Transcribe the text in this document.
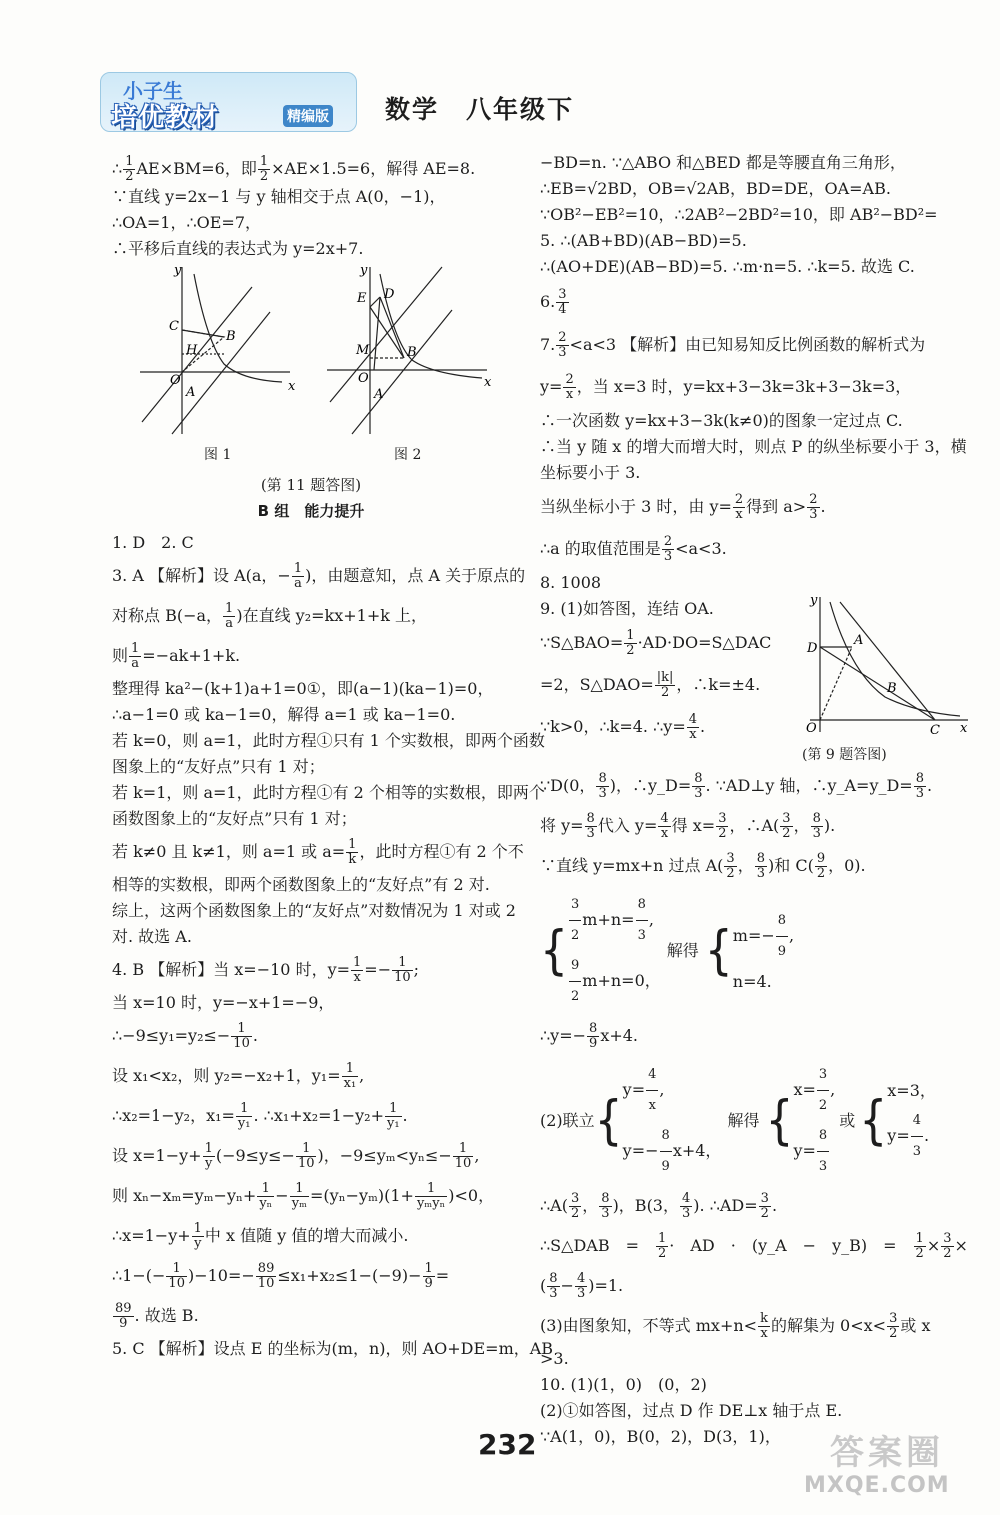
小子生
培优教材	精编版 数学　八年级下

∴ $\frac{1}{2} AE\times BM=6$，即 $\frac{1}{2} \times AE\times 1.5=6$，解得 AE=8.

∵直线 y=2x−1 与 y 轴相交于点 A(0，−1)，

∴OA=1，∴OE=7，

∴平移后直线的表达式为 y=2x+7.

y
x
O
A
B
C
H
y
x
O
A
B
D
E
M
图 1	图 2

(第 11 题答图)

B 组　能力提升

1. D　2. C

3. A 【解析】设 A(a，− $\frac{1}{a}$ )，由题意知，点 A 关于原点的

对称点 B(−a， $\frac{1}{a}$ )在直线 y₂=kx+1+k 上，

则 $\frac{1}{a} =-ak+1+k$.

整理得 ka²−(k+1)a+1=0①，即(a−1)(ka−1)=0，

∴a−1=0 或 ka−1=0，解得 a=1 或 ka−1=0.

若 k=0，则 a=1，此时方程①只有 1 个实数根，即两个函数

图象上的“友好点”只有 1 对；

若 k=1，则 a=1，此时方程①有 2 个相等的实数根，即两个

函数图象上的“友好点”只有 1 对；

若 k≠0 且 k≠1，则 a=1 或 $a= \frac{1}{k}$ ，此时方程①有 2 个不

相等的实数根，即两个函数图象上的“友好点”有 2 对.

综上，这两个函数图象上的“友好点”对数情况为 1 对或 2

对. 故选 A.

4. B 【解析】当 x=−10 时，$y= \frac{1}{x} =- \frac{1}{10}$ ;

当 x=10 时，y=−x+1=−9，

∴−9≤y₁=y₂≤− $\frac{1}{10}$ .

设 x₁<x₂，则 y₂=−x₂+1，$y_1= \frac{1}{\text{x₁}}$ ,

∴x₂=1−y₂，$x_1= \frac{1}{\text{y₁}}$ . ∴x₁+x₂=1−y₂+ $\frac{1}{\text{y₁}}$ .

设 $x=1-y+ \frac{1}{y} (-9\le y\le- \frac{1}{10}$ )，$-9\le y_m<y_n\le- \frac{1}{10}$ ,

则 $x_n-x_m=y_m-y_n+ \frac{1}{\text{yₙ}} - \frac{1}{\text{yₘ}} =(y_n-y_m)(1+ \frac{1}{\text{yₘyₙ}} )<0$，

∴x=1−y+ $\frac{1}{y}$ 中 x 值随 y 值的增大而减小.

∴1−(− $\frac{1}{10} )-10=- \frac{89}{10} \le x_1+x_2\le 1-(-9)- \frac{1}{9}$ =

$\frac{89}{9}$ . 故选 B.

5. C 【解析】设点 E 的坐标为(m，n)，则 AO+DE=m，AB

−BD=n. ∵△ABO 和△BED 都是等腰直角三角形，

∴EB=√2BD，OB=√2AB，BD=DE，OA=AB.

∵OB²−EB²=10，∴2AB²−2BD²=10，即 AB²−BD²=

5. ∴(AB+BD)(AB−BD)=5.

∴(AO+DE)(AB−BD)=5. ∴m·n=5. ∴k=5. 故选 C.

6. $\frac{3}{4}$

7. $\frac{2}{3} <a<3$ 【解析】由已知易知反比例函数的解析式为

$y= \frac{2}{x}$ ，当 x=3 时，y=kx+3−3k=3k+3−3k=3，

∴一次函数 y=kx+3−3k(k≠0)的图象一定过点 C.

∴当 y 随 x 的增大而增大时，则点 P 的纵坐标要小于 3，横

坐标要小于 3.

当纵坐标小于 3 时，由 $y= \frac{2}{x}$ 得到 $a> \frac{2}{3}$ .

∴a 的取值范围是 $\frac{2}{3} <a<3$.

8. 1008

9. (1)如答图，连结 OA.

∵S△BAO= $\frac{1}{2}$ ·AD·DO=S△DAC

=2，S△DAO= $\frac{|k|}{2}$ ，∴k=±4.

∵k>0，∴k=4. ∴y= $\frac{4}{x}$ .

y
x
O
D
A
B
C
(第 9 题答图)

∵D(0， $\frac{8}{3}$ )，∴y_D= $\frac{8}{3}$ . ∵AD⊥y 轴，∴y_A=y_D= $\frac{8}{3}$ .

将 $y= \frac{8}{3}$ 代入 $y= \frac{4}{x}$ 得 $x= \frac{3}{2}$ ，∴A( $\frac{3}{2}$ ， $\frac{8}{3}$ ).

∵直线 y=mx+n 过点 $A( \frac{3}{2}$ ， $\frac{8}{3}$ )和 $C( \frac{9}{2}$ ，0).

{ $\frac{3}{2} m+n= \frac{8}{3}$ ,
$\frac{9}{2} m+n=0$，
解得 { $m=- \frac{8}{9}$ ,
n=4.

∴y=− $\frac{8}{9} x+4$.

(2)联立 {
$y= \frac{4}{x}$ ,
$y=- \frac{8}{9} x+4$，
解得 {
$x= \frac{3}{2}$ ,
$y= \frac{8}{3}$
或 { x=3，
$y= \frac{4}{3}$ .

∴A( $\frac{3}{2}$ ， $\frac{8}{3}$ )，B(3， $\frac{4}{3}$ ). ∴AD= $\frac{3}{2}$ .

∴S△DAB　=　 $\frac{1}{2}$ ·　AD　·　(y_A　−　y_B)　=　 $\frac{1}{2} \times \frac{3}{2}$ ×

( $\frac{8}{3} - \frac{4}{3} )=1$.

(3)由图象知，不等式 $mx+n< \frac{k}{x}$ 的解集为 $0<x< \frac{3}{2}$ 或 x

>3.

10. (1)(1，0)　(0，2)

(2)①如答图，过点 D 作 DE⊥x 轴于点 E.

∵A(1，0)，B(0，2)，D(3，1)，

232	答案圈
MXQE.COM
